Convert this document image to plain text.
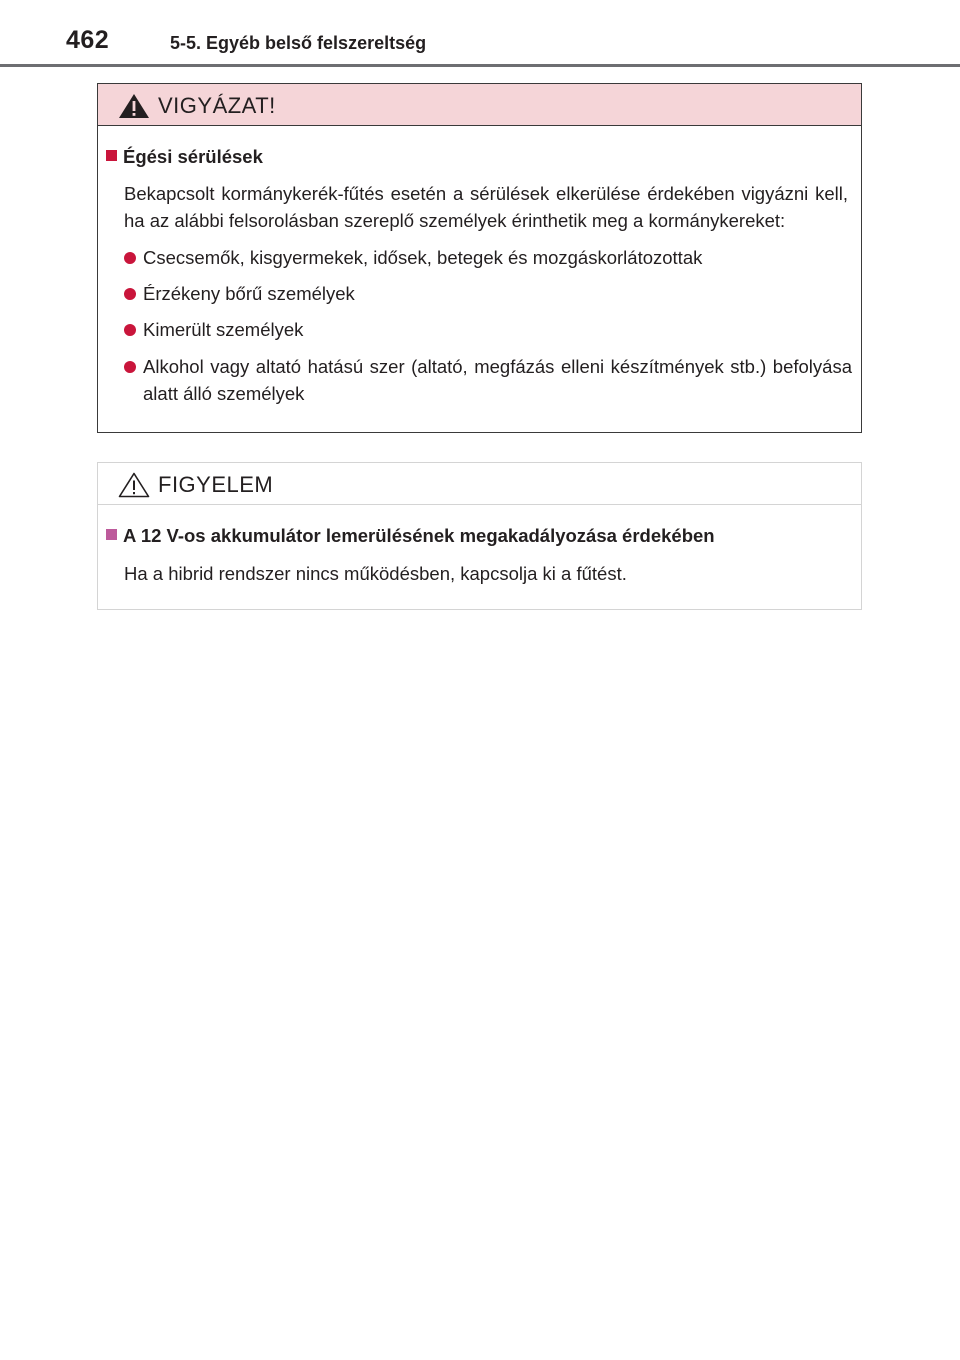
462	5-5. Egyéb belső felszereltség
VIGYÁZAT!
Égési sérülések
Bekapcsolt kormánykerék-fűtés esetén a sérülések elkerülése érdekében vigyázni kell, ha az alábbi felsorolásban szereplő személyek érinthetik meg a kormánykereket:
Csecsemők, kisgyermekek, idősek, betegek és mozgáskorlátozottak
Érzékeny bőrű személyek
Kimerült személyek
Alkohol vagy altató hatású szer (altató, megfázás elleni készítmények stb.) befolyása alatt álló személyek
FIGYELEM
A 12 V-os akkumulátor lemerülésének megakadályozása érdekében
Ha a hibrid rendszer nincs működésben, kapcsolja ki a fűtést.
